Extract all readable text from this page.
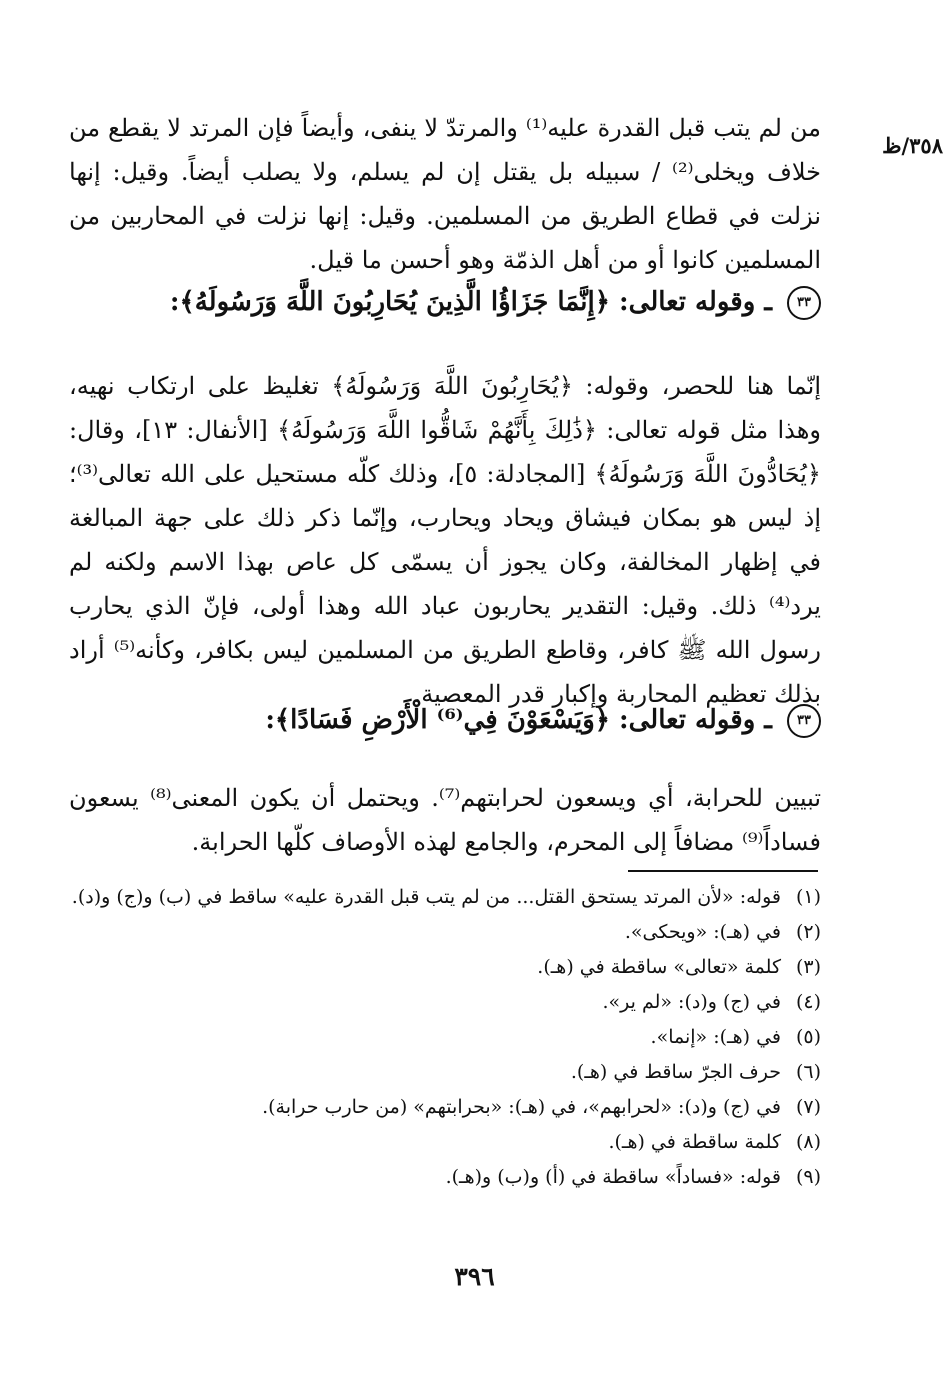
٣٥٨/ظ

من لم يتب قبل القدرة عليه⁽¹⁾ والمرتدّ لا ينفى، وأيضاً فإن المرتد لا يقطع من خلاف ويخلى⁽²⁾ / سبيله بل يقتل إن لم يسلم، ولا يصلب أيضاً. وقيل: إنها نزلت في قطاع الطريق من المسلمين. وقيل: إنها نزلت في المحاربين من المسلمين كانوا أو من أهل الذمّة وهو أحسن ما قيل.

٣٣ ـ وقوله تعالى: ﴿إِنَّمَا جَزَاؤُا الَّذِينَ يُحَارِبُونَ اللَّهَ وَرَسُولَهُ﴾:

إنّما هنا للحصر، وقوله: ﴿يُحَارِبُونَ اللَّهَ وَرَسُولَهُ﴾ تغليظ على ارتكاب نهيه، وهذا مثل قوله تعالى: ﴿ذَٰلِكَ بِأَنَّهُمْ شَاقُّوا اللَّهَ وَرَسُولَهُ﴾ [الأنفال: ١٣]، وقال: ﴿يُحَادُّونَ اللَّهَ وَرَسُولَهُ﴾ [المجادلة: ٥]، وذلك كلّه مستحيل على الله تعالى⁽³⁾؛ إذ ليس هو بمكان فيشاق ويحاد ويحارب، وإنّما ذكر ذلك على جهة المبالغة في إظهار المخالفة، وكان يجوز أن يسمّى كل عاص بهذا الاسم ولكنه لم يرد⁽⁴⁾ ذلك. وقيل: التقدير يحاربون عباد الله وهذا أولى، فإنّ الذي يحارب رسول الله ﷺ كافر، وقاطع الطريق من المسلمين ليس بكافر، وكأنه⁽⁵⁾ أراد بذلك تعظيم المحاربة وإكبار قدر المعصية.

٣٣ ـ وقوله تعالى: ﴿وَيَسْعَوْنَ فِي⁽⁶⁾ الْأَرْضِ فَسَادًا﴾:

تبيين للحرابة، أي ويسعون لحرابتهم⁽⁷⁾. ويحتمل أن يكون المعنى⁽⁸⁾ يسعون فساداً⁽⁹⁾ مضافاً إلى المحرم، والجامع لهذه الأوصاف كلّها الحرابة.

(١)
قوله: «لأن المرتد يستحق القتل... من لم يتب قبل القدرة عليه» ساقط في (ب) و(ج) و(د).
(٢)
في (هـ): «ويحكى».
(٣)
كلمة «تعالى» ساقطة في (هـ).
(٤)
في (ج) و(د): «لم ير».
(٥)
في (هـ): «إنما».
(٦)
حرف الجرّ ساقط في (هـ).
(٧)
في (ج) و(د): «لحرابهم»، في (هـ): «بحرابتهم» (من حارب حرابة).
(٨)
كلمة ساقطة في (هـ).
(٩)
قوله: «فساداً» ساقطة في (أ) و(ب) و(هـ).
٣٩٦
